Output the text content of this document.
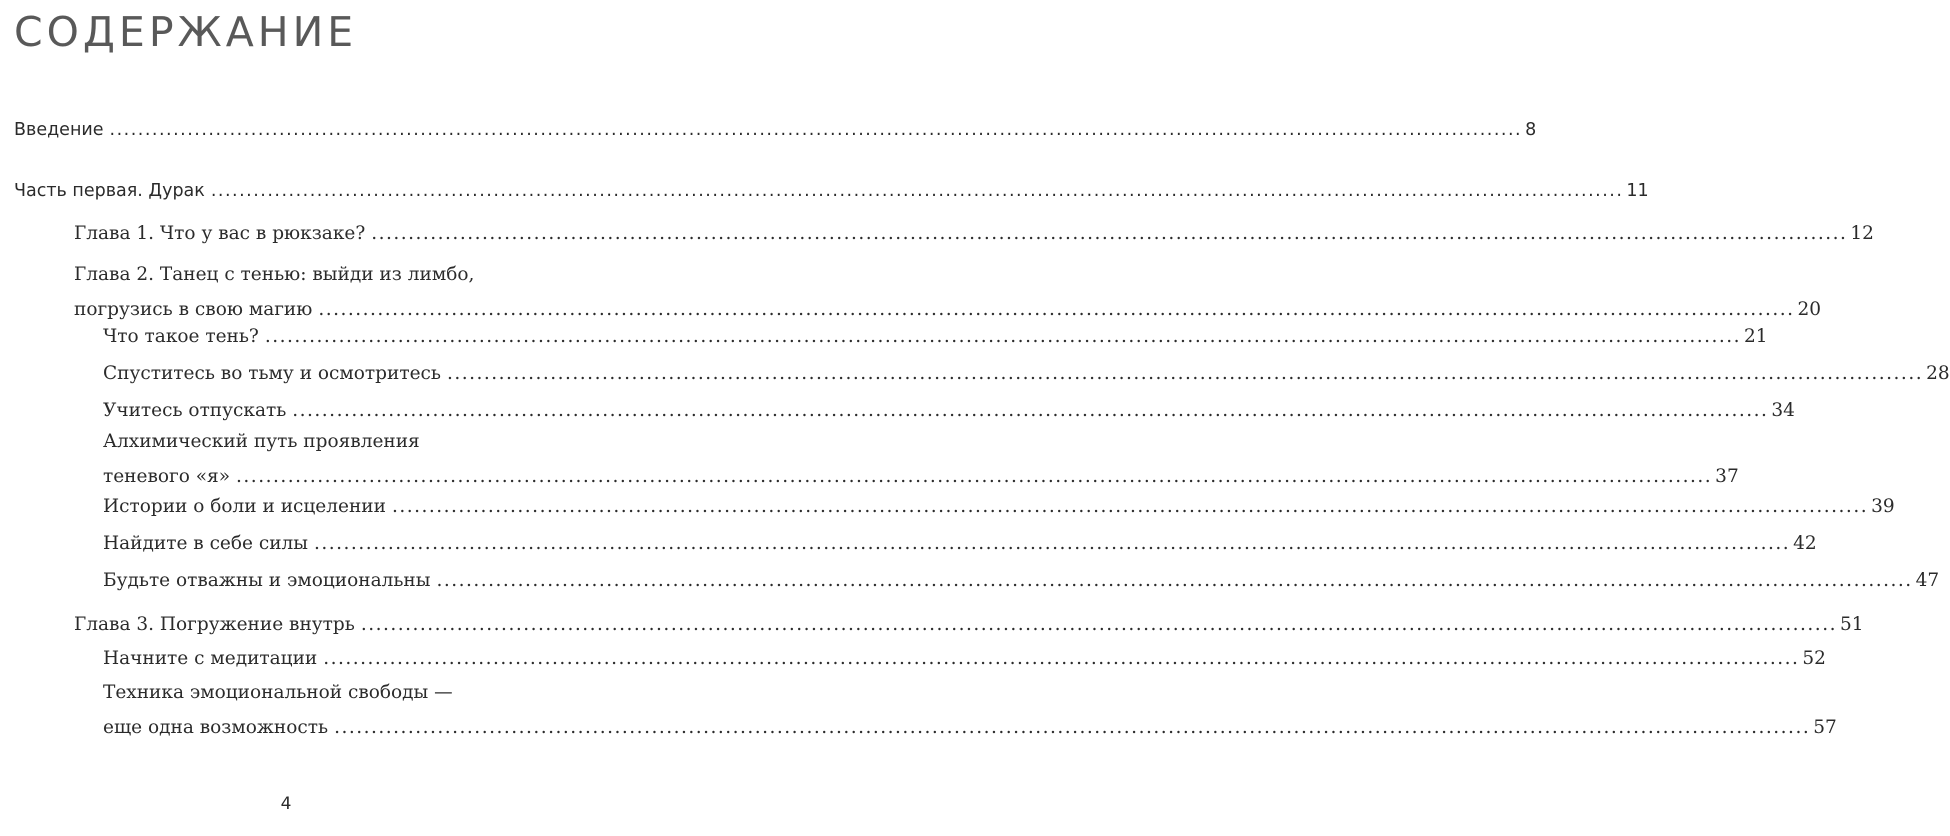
СОДЕРЖАНИЕ
Введение ........................................................................................................................................................................................................ 8
Часть первая. Дурак ........................................................................................................................................................................................................ 11
Глава 1. Что у вас в рюкзаке? ........................................................................................................................................................................................................ 12
Глава 2. Танец с тенью: выйди из лимбо,
погрузись в свою магию ........................................................................................................................................................................................................ 20
Что такое тень? ........................................................................................................................................................................................................ 21
Спуститесь во тьму и осмотритесь ........................................................................................................................................................................................................ 28
Учитесь отпускать ........................................................................................................................................................................................................ 34
Алхимический путь проявления
теневого «я» ........................................................................................................................................................................................................ 37
Истории о боли и исцелении ........................................................................................................................................................................................................ 39
Найдите в себе силы ........................................................................................................................................................................................................ 42
Будьте отважны и эмоциональны ........................................................................................................................................................................................................ 47
Глава 3. Погружение внутрь ........................................................................................................................................................................................................ 51
Начните с медитации ........................................................................................................................................................................................................ 52
Техника эмоциональной свободы —
еще одна возможность ........................................................................................................................................................................................................ 57
4
